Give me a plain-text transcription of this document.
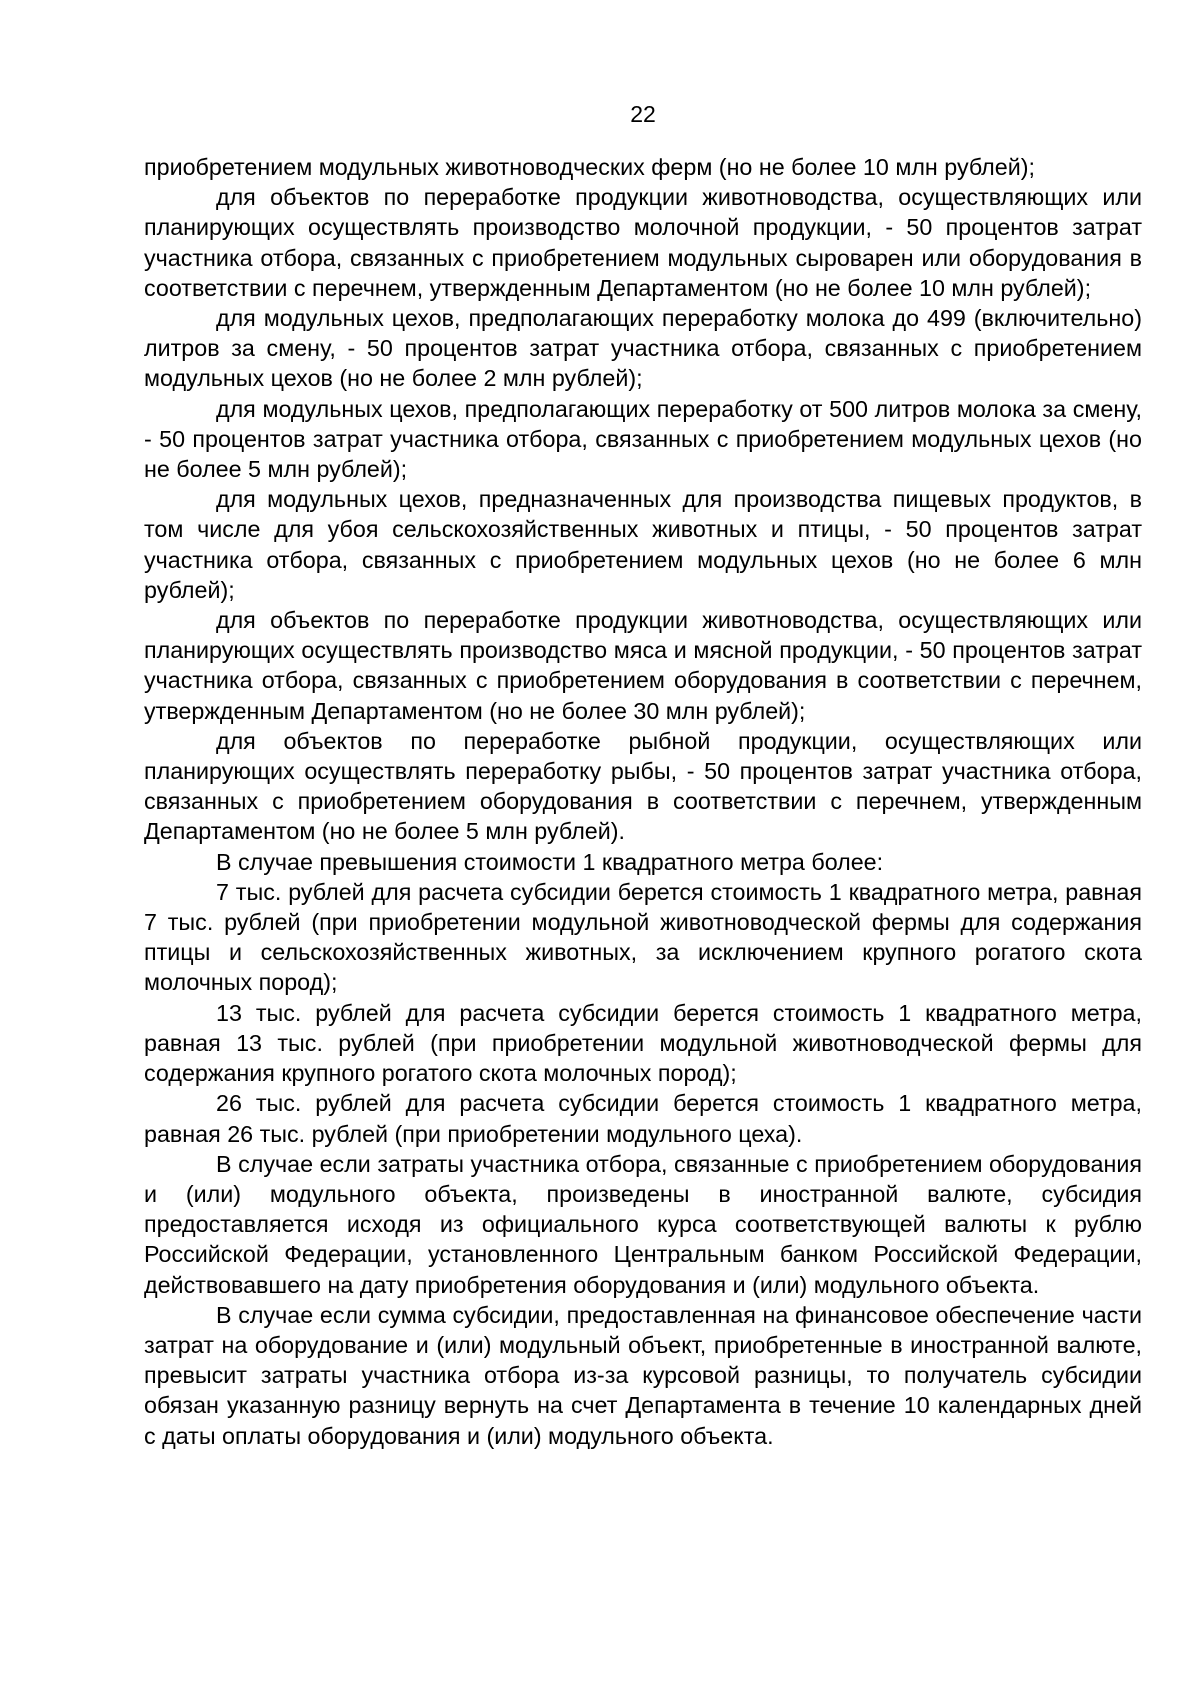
22

приобретением модульных животноводческих ферм (но не более 10 млн рублей);

для объектов по переработке продукции животноводства, осуществляющих или планирующих осуществлять производство молочной продукции, - 50 процентов затрат участника отбора, связанных с приобретением модульных сыроварен или оборудования в соответствии с перечнем, утвержденным Департаментом (но не более 10 млн рублей);

для модульных цехов, предполагающих переработку молока до 499 (включительно) литров за смену, - 50 процентов затрат участника отбора, связанных с приобретением модульных цехов (но не более 2 млн рублей);

для модульных цехов, предполагающих переработку от 500 литров молока за смену, - 50 процентов затрат участника отбора, связанных с приобретением модульных цехов (но не более 5 млн рублей);

для модульных цехов, предназначенных для производства пищевых продуктов, в том числе для убоя сельскохозяйственных животных и птицы, - 50 процентов затрат участника отбора, связанных с приобретением модульных цехов (но не более 6 млн рублей);

для объектов по переработке продукции животноводства, осуществляющих или планирующих осуществлять производство мяса и мясной продукции, - 50 процентов затрат участника отбора, связанных с приобретением оборудования в соответствии с перечнем, утвержденным Департаментом (но не более 30 млн рублей);

для объектов по переработке рыбной продукции, осуществляющих или планирующих осуществлять переработку рыбы, - 50 процентов затрат участника отбора, связанных с приобретением оборудования в соответствии с перечнем, утвержденным Департаментом (но не более 5 млн рублей).

В случае превышения стоимости 1 квадратного метра более:

7 тыс. рублей для расчета субсидии берется стоимость 1 квадратного метра, равная 7 тыс. рублей (при приобретении модульной животноводческой фермы для содержания птицы и сельскохозяйственных животных, за исключением крупного рогатого скота молочных пород);

13 тыс. рублей для расчета субсидии берется стоимость 1 квадратного метра, равная 13 тыс. рублей (при приобретении модульной животноводческой фермы для содержания крупного рогатого скота молочных пород);

26 тыс. рублей для расчета субсидии берется стоимость 1 квадратного метра, равная 26 тыс. рублей (при приобретении модульного цеха).

В случае если затраты участника отбора, связанные с приобретением оборудования и (или) модульного объекта, произведены в иностранной валюте, субсидия предоставляется исходя из официального курса соответствующей валюты к рублю Российской Федерации, установленного Центральным банком Российской Федерации, действовавшего на дату приобретения оборудования и (или) модульного объекта.

В случае если сумма субсидии, предоставленная на финансовое обеспечение части затрат на оборудование и (или) модульный объект, приобретенные в иностранной валюте, превысит затраты участника отбора из-за курсовой разницы, то получатель субсидии обязан указанную разницу вернуть на счет Департамента в течение 10 календарных дней с даты оплаты оборудования и (или) модульного объекта.
